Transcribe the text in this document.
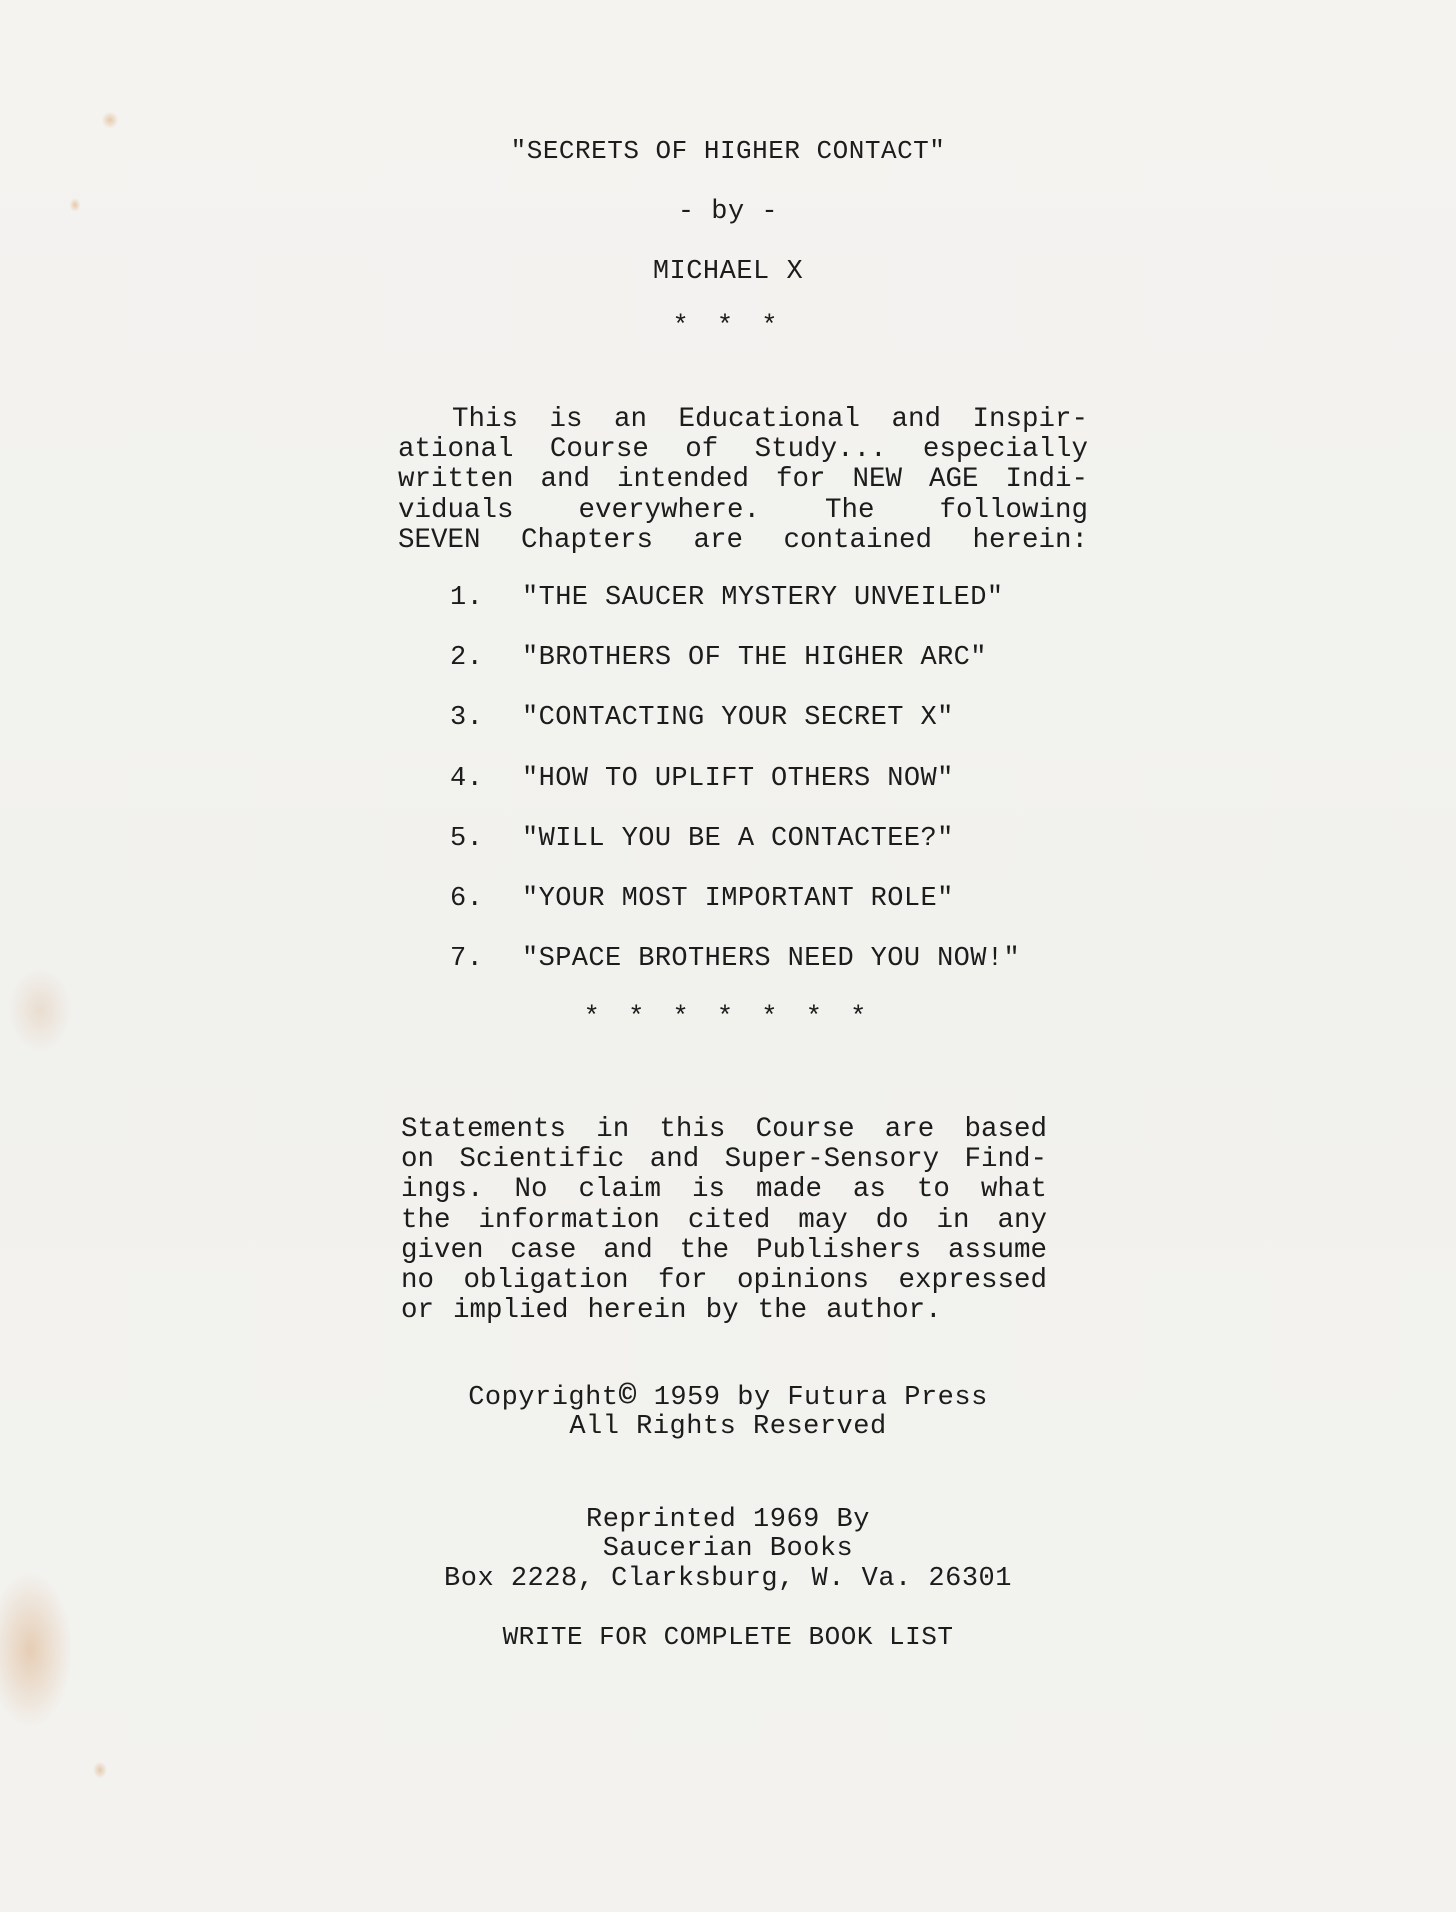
"SECRETS OF HIGHER CONTACT"
- by -
MICHAEL X
* * *
This is an Educational and Inspir-
ational Course of Study... especially
written and intended for NEW AGE Indi-
viduals everywhere. The following
SEVEN Chapters are contained herein:
1. "THE SAUCER MYSTERY UNVEILED"
2. "BROTHERS OF THE HIGHER ARC"
3. "CONTACTING YOUR SECRET X"
4. "HOW TO UPLIFT OTHERS NOW"
5. "WILL YOU BE A CONTACTEE?"
6. "YOUR MOST IMPORTANT ROLE"
7. "SPACE BROTHERS NEED YOU NOW!"
* * * * * * *
Statements in this Course are based
on Scientific and Super-Sensory Find-
ings. No claim is made as to what
the information cited may do in any
given case and the Publishers assume
no obligation for opinions expressed
or implied herein by the author.
Copyright© 1959 by Futura Press
All Rights Reserved
Reprinted 1969 By
Saucerian Books
Box 2228, Clarksburg, W. Va. 26301
WRITE FOR COMPLETE BOOK LIST
